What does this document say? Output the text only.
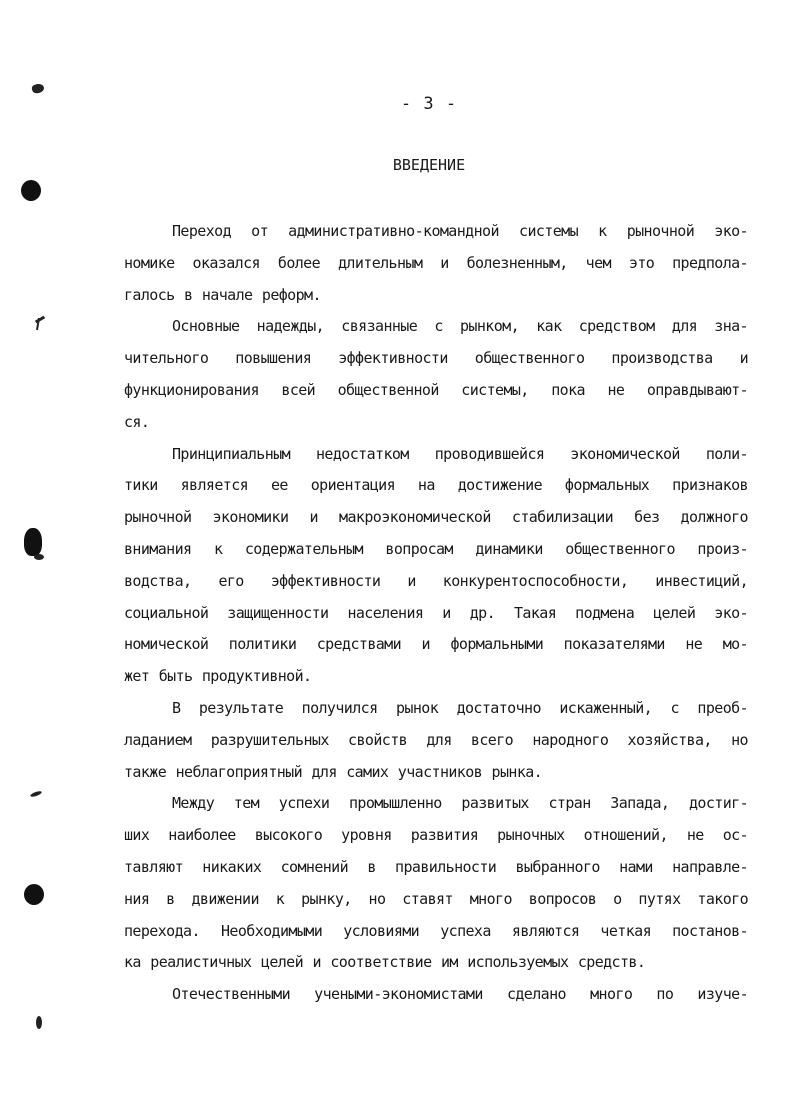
- 3 -
ВВЕДЕНИЕ
Переход от административно-командной системы к рыночной эко-
номике оказался более длительным и болезненным, чем это предпола-
галось в начале реформ.
Основные надежды, связанные с рынком, как средством для зна-
чительного повышения эффективности общественного производства и
функционирования всей общественной системы, пока не оправдывают-
ся.
Принципиальным недостатком проводившейся экономической поли-
тики является ее ориентация на достижение формальных признаков
рыночной экономики и макроэкономической стабилизации без должного
внимания к содержательным вопросам динамики общественного произ-
водства, его эффективности и конкурентоспособности, инвестиций,
социальной защищенности населения и др. Такая подмена целей эко-
номической политики средствами и формальными показателями не мо-
жет быть продуктивной.
В результате получился рынок достаточно искаженный, с преоб-
ладанием разрушительных свойств для всего народного хозяйства, но
также неблагоприятный для самих участников рынка.
Между тем успехи промышленно развитых стран Запада, достиг-
ших наиболее высокого уровня развития рыночных отношений, не ос-
тавляют никаких сомнений в правильности выбранного нами направле-
ния в движении к рынку, но ставят много вопросов о путях такого
перехода. Необходимыми условиями успеха являются четкая постанов-
ка реалистичных целей и соответствие им используемых средств.
Отечественными учеными-экономистами сделано много по изуче-
